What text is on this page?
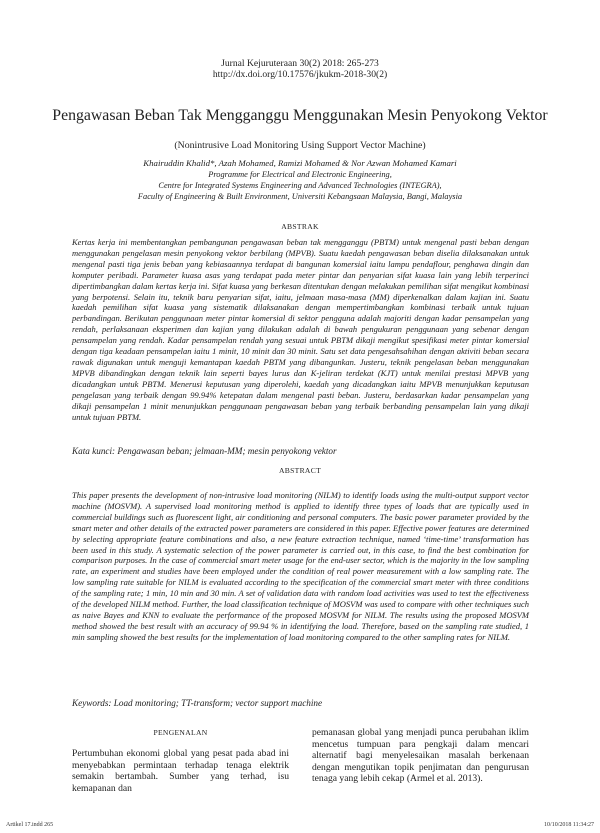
Jurnal Kejuruteraan 30(2) 2018: 265-273
http://dx.doi.org/10.17576/jkukm-2018-30(2)
Pengawasan Beban Tak Mengganggu Menggunakan Mesin Penyokong Vektor
(Nonintrusive Load Monitoring Using Support Vector Machine)
Khairuddin Khalid*, Azah Mohamed, Ramizi Mohamed & Nor Azwan Mohamed Kamari
Programme for Electrical and Electronic Engineering,
Centre for Integrated Systems Engineering and Advanced Technologies (INTEGRA),
Faculty of Engineering & Built Environment, Universiti Kebangsaan Malaysia, Bangi, Malaysia
ABSTRAK
Kertas kerja ini membentangkan pembangunan pengawasan beban tak mengganggu (PBTM) untuk mengenal pasti beban dengan menggunakan pengelasan mesin penyokong vektor berbilang (MPVB). Suatu kaedah pengawasan beban diselia dilaksanakan untuk mengenal pasti tiga jenis beban yang kebiasaannya terdapat di bangunan komersial iaitu lampu pendaflour, penghawa dingin dan komputer peribadi. Parameter kuasa asas yang terdapat pada meter pintar dan penyarian sifat kuasa lain yang lebih terperinci dipertimbangkan dalam kertas kerja ini. Sifat kuasa yang berkesan ditentukan dengan melakukan pemilihan sifat mengikut kombinasi yang berpotensi. Selain itu, teknik baru penyarian sifat, iaitu, jelmaan masa-masa (MM) diperkenalkan dalam kajian ini. Suatu kaedah pemilihan sifat kuasa yang sistematik dilaksanakan dengan mempertimbangkan kombinasi terbaik untuk tujuan perbandingan. Berikutan penggunaan meter pintar komersial di sektor pengguna adalah majoriti dengan kadar pensampelan yang rendah, perlaksanaan eksperimen dan kajian yang dilakukan adalah di bawah pengukuran penggunaan yang sebenar dengan pensampelan yang rendah. Kadar pensampelan rendah yang sesuai untuk PBTM dikaji mengikut spesifikasi meter pintar komersial dengan tiga keadaan pensampelan iaitu 1 minit, 10 minit dan 30 minit. Satu set data pengesahsahihan dengan aktiviti beban secara rawak digunakan untuk menguji kemantapan kaedah PBTM yang dibangunkan. Justeru, teknik pengelasan beban menggunakan MPVB dibandingkan dengan teknik lain seperti bayes lurus dan K-jeliran terdekat (KJT) untuk menilai prestasi MPVB yang dicadangkan untuk PBTM. Menerusi keputusan yang diperolehi, kaedah yang dicadangkan iaitu MPVB menunjukkan keputusan pengelasan yang terbaik dengan 99.94% ketepatan dalam mengenal pasti beban. Justeru, berdasarkan kadar pensampelan yang dikaji pensampelan 1 minit menunjukkan penggunaan pengawasan beban yang terbaik berbanding pensampelan lain yang dikaji untuk tujuan PBTM.
Kata kunci: Pengawasan beban; jelmaan-MM; mesin penyokong vektor
ABSTRACT
This paper presents the development of non-intrusive load monitoring (NILM) to identify loads using the multi-output support vector machine (MOSVM). A supervised load monitoring method is applied to identify three types of loads that are typically used in commercial buildings such as fluorescent light, air conditioning and personal computers. The basic power parameter provided by the smart meter and other details of the extracted power parameters are considered in this paper. Effective power features are determined by selecting appropriate feature combinations and also, a new feature extraction technique, named ‘time-time’ transformation has been used in this study. A systematic selection of the power parameter is carried out, in this case, to find the best combination for comparison purposes. In the case of commercial smart meter usage for the end-user sector, which is the majority in the low sampling rate, an experiment and studies have been employed under the condition of real power measurement with a low sampling rate. The low sampling rate suitable for NILM is evaluated according to the specification of the commercial smart meter with three conditions of the sampling rate; 1 min, 10 min and 30 min. A set of validation data with random load activities was used to test the effectiveness of the developed NILM method. Further, the load classification technique of MOSVM was used to compare with other techniques such as naive Bayes and KNN to evaluate the performance of the proposed MOSVM for NILM. The results using the proposed MOSVM method showed the best result with an accuracy of 99.94 % in identifying the load. Therefore, based on the sampling rate studied, 1 min sampling showed the best results for the implementation of load monitoring compared to the other sampling rates for NILM.
Keywords: Load monitoring; TT-transform; vector support machine
PENGENALAN
Pertumbuhan ekonomi global yang pesat pada abad ini menyebabkan permintaan terhadap tenaga elektrik semakin bertambah. Sumber yang terhad, isu kemapanan dan
pemanasan global yang menjadi punca perubahan iklim mencetus tumpuan para pengkaji dalam mencari alternatif bagi menyelesaikan masalah berkenaan dengan mengutikan topik penjimatan dan pengurusan tenaga yang lebih cekap (Armel et al. 2013).
Artikel 17.indd 265	10/10/2018 11:34:27
